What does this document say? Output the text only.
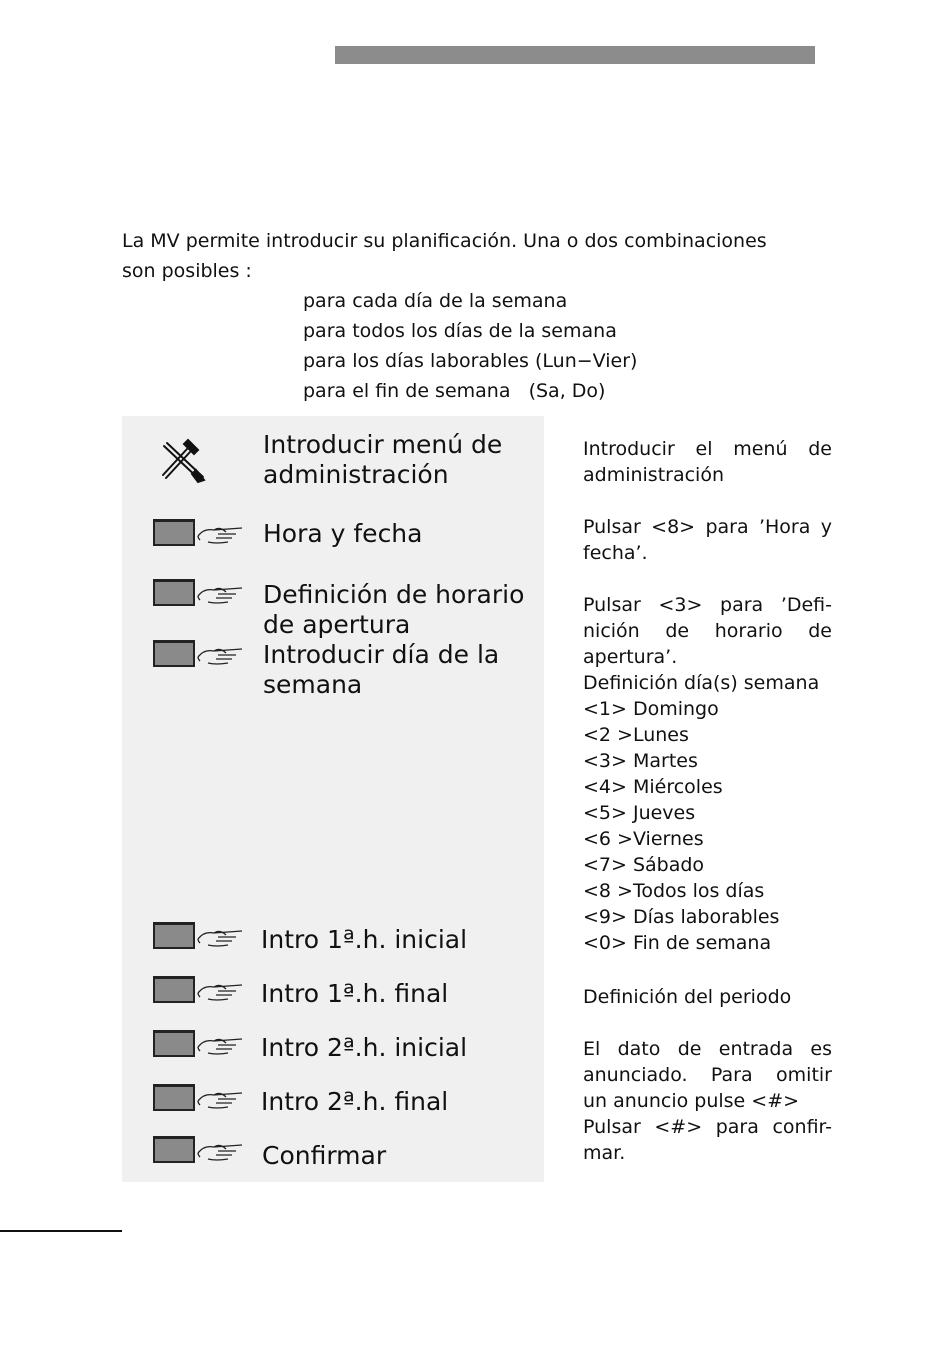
La MV permite introducir su planificación. Una o dos combinaciones
son posibles :
para cada día de la semana
para todos los días de la semana
para los días laborables (Lun−Vier)
para el fin de semana   (Sa, Do)
Introducir menú de
administración
Hora y fecha
Definición de horario
de apertura
Introducir día de la
semana
Intro 1ª.h. inicial
Intro 1ª.h. final
Intro 2ª.h. inicial
Intro 2ª.h. final
Confirmar

Introducir el menú de

administración

Pulsar <8> para ’Hora y

fecha’.

Pulsar <3> para ’Defi-

nición de horario de

apertura’.

Definición día(s) semana

<1> Domingo

<2 >Lunes

<3> Martes

<4> Miércoles

<5> Jueves

<6 >Viernes

<7> Sábado

<8 >Todos los días

<9> Días laborables

<0> Fin de semana

Definición del periodo

El dato de entrada es

anunciado. Para omitir

un anuncio pulse <#>

Pulsar <#> para confir-

mar.
